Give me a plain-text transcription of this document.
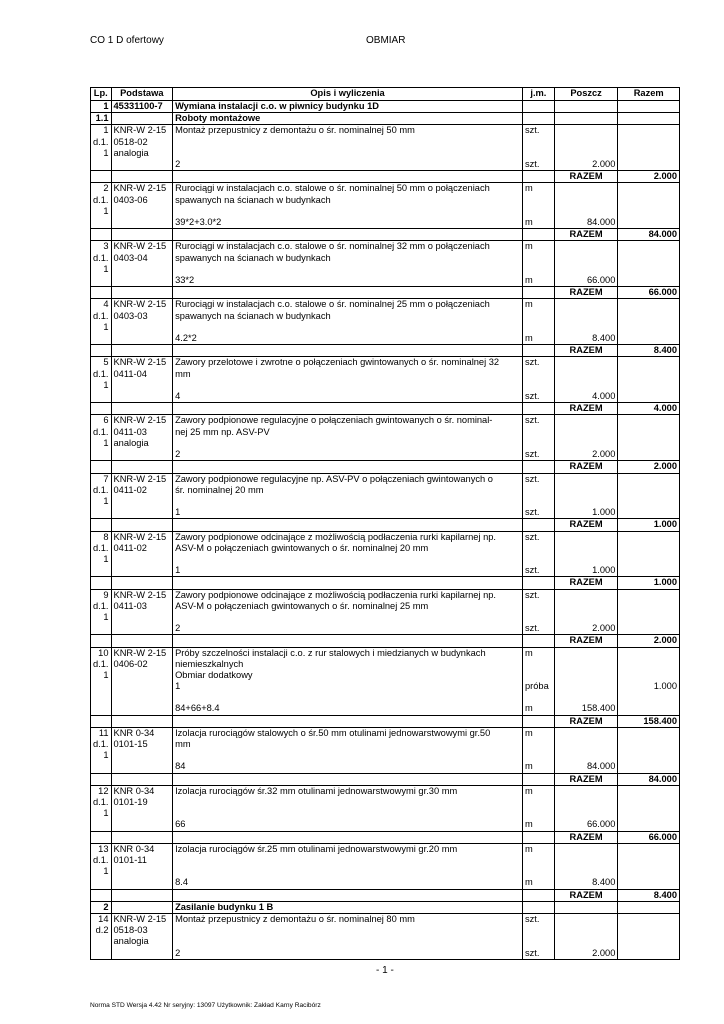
CO 1 D ofertowy	OBMIAR
Lp.	Podstawa	Opis i wyliczenia	j.m.	Poszcz	Razem
1	45331100-7	Wymiana instalacji c.o. w piwnicy budynku 1D			
1.1		Roboty montażowe			
1	KNR-W 2-15	Montaż przepustnicy z demontażu o śr. nominalnej 50 mm	szt.		
d.1.	0518-02				
1	analogia				
		2	szt.	2.000	
				RAZEM	2.000
2	KNR-W 2-15	Rurociągi w instalacjach c.o. stalowe o śr. nominalnej 50 mm o połączeniach	m		
d.1.	0403-06	spawanych na ścianach w budynkach			
1					
		39*2+3.0*2	m	84.000	
				RAZEM	84.000
3	KNR-W 2-15	Rurociągi w instalacjach c.o. stalowe o śr. nominalnej 32 mm o połączeniach	m		
d.1.	0403-04	spawanych na ścianach w budynkach			
1					
		33*2	m	66.000	
				RAZEM	66.000
4	KNR-W 2-15	Rurociągi w instalacjach c.o. stalowe o śr. nominalnej 25 mm o połączeniach	m		
d.1.	0403-03	spawanych na ścianach w budynkach			
1					
		4.2*2	m	8.400	
				RAZEM	8.400
5	KNR-W 2-15	Zawory przelotowe i zwrotne o połączeniach gwintowanych o śr. nominalnej 32	szt.		
d.1.	0411-04	mm			
1					
		4	szt.	4.000	
				RAZEM	4.000
6	KNR-W 2-15	Zawory podpionowe regulacyjne o połączeniach gwintowanych o śr. nominal-	szt.		
d.1.	0411-03	nej 25 mm np. ASV-PV			
1	analogia				
		2	szt.	2.000	
				RAZEM	2.000
7	KNR-W 2-15	Zawory podpionowe regulacyjne np. ASV-PV o połączeniach gwintowanych o	szt.		
d.1.	0411-02	śr. nominalnej 20 mm			
1					
		1	szt.	1.000	
				RAZEM	1.000
8	KNR-W 2-15	Zawory podpionowe odcinające z możliwością podłaczenia rurki kapilarnej np.	szt.		
d.1.	0411-02	ASV-M o połączeniach gwintowanych o śr. nominalnej 20 mm			
1					
		1	szt.	1.000	
				RAZEM	1.000
9	KNR-W 2-15	Zawory podpionowe odcinające z możliwością podłaczenia rurki kapilarnej np.	szt.		
d.1.	0411-03	ASV-M o połączeniach gwintowanych o śr. nominalnej 25 mm			
1					
		2	szt.	2.000	
				RAZEM	2.000
10	KNR-W 2-15	Próby szczelności instalacji c.o. z rur stalowych i miedzianych w budynkach	m		
d.1.	0406-02	niemieszkalnych			
1		Obmiar dodatkowy			
		1	próba		1.000

		84+66+8.4	m	158.400	
				RAZEM	158.400
11	KNR 0-34	Izolacja rurociągów stalowych o śr.50 mm otulinami jednowarstwowymi gr.50	m		
d.1.	0101-15	mm			
1					
		84	m	84.000	
				RAZEM	84.000
12	KNR 0-34	Izolacja rurociągów śr.32 mm otulinami jednowarstwowymi gr.30 mm	m		
d.1.	0101-19				
1					
		66	m	66.000	
				RAZEM	66.000
13	KNR 0-34	Izolacja rurociągów śr.25 mm otulinami jednowarstwowymi gr.20 mm	m		
d.1.	0101-11				
1					
		8.4	m	8.400	
				RAZEM	8.400
2		Zasilanie budynku 1 B			
14	KNR-W 2-15	Montaż przepustnicy z demontażu o śr. nominalnej 80 mm	szt.		
d.2	0518-03				
	analogia				
		2	szt.	2.000	
- 1 -
Norma STD Wersja 4.42 Nr seryjny: 13097 Użytkownik: Zakład Karny Racibórz
